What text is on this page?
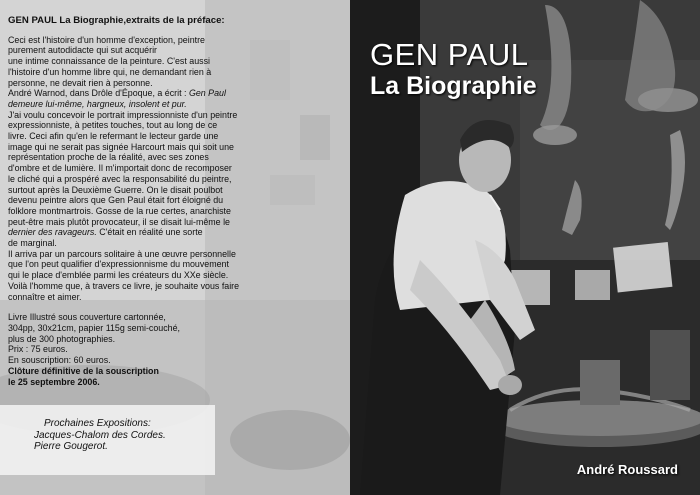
GEN PAUL La Biographie,extraits de la préface:

Ceci est l'histoire d'un homme d'exception, peintre

purement autodidacte qui sut acquérir

une intime connaissance de la peinture. C'est aussi

l'histoire d'un homme libre qui, ne demandant rien à

personne, ne devait rien à personne.

André Warnod, dans Drôle d'Époque, a écrit : Gen Paul

demeure lui-même, hargneux, insolent et pur.

J'ai voulu concevoir le portrait impressionniste d'un peintre

expressionniste, à petites touches, tout au long de ce

livre. Ceci afin qu'en le refermant le lecteur garde une

image qui ne serait pas signée Harcourt mais qui soit une

représentation proche de la réalité, avec ses zones

d'ombre et de lumière. Il m'importait donc de recomposer

le cliché qui a prospéré avec la responsabilité du peintre,

surtout après la Deuxième Guerre. On le disait poulbot

devenu peintre alors que Gen Paul était fort éloigné du

folklore montmartrois. Gosse de la rue certes, anarchiste

peut-être mais plutôt provocateur, il se disait lui-même le

dernier des ravageurs. C'était en réalité une sorte

de marginal.

Il arriva par un parcours solitaire à une œuvre personnelle

que l'on peut qualifier d'expressionnisme du mouvement

qui le place d'emblée parmi les créateurs du XXe siècle.

Voilà l'homme que, à travers ce livre, je souhaite vous faire

connaître et aimer.

Livre Illustré sous couverture cartonnée,

304pp, 30x21cm, papier 115g semi-couché,

plus de 300 photographies.

Prix : 75 euros.

En souscription: 60 euros.

Clôture définitive de la souscription

le 25 septembre 2006.

Prochaines Expositions:

Jacques-Chalom des Cordes.

Pierre Gougerot.

GEN PAUL
La Biographie
André Roussard
